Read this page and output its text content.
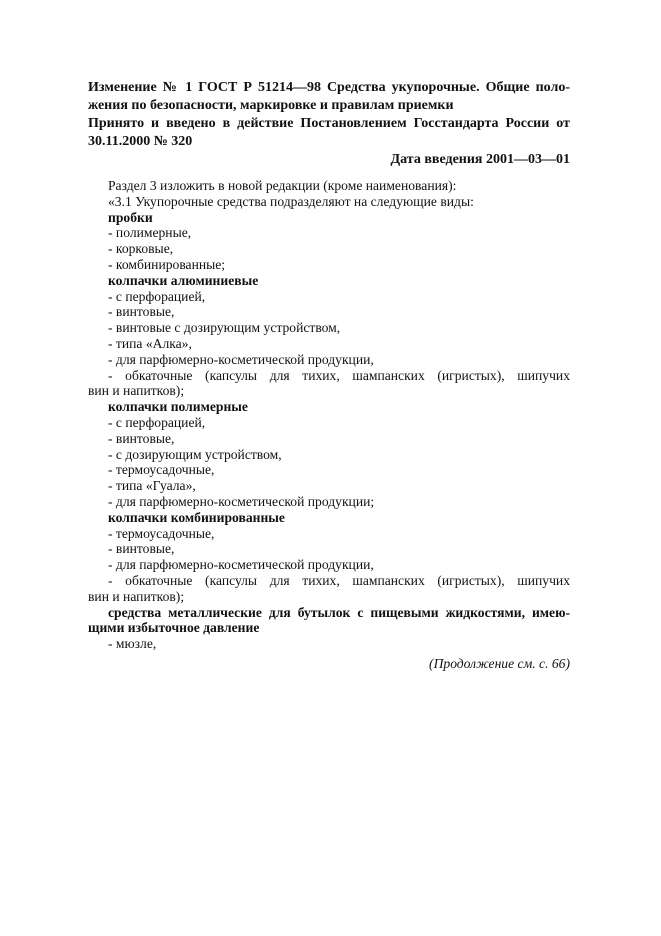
Изменение № 1 ГОСТ Р 51214—98 Средства укупорочные. Общие поло-
жения по безопасности, маркировке и правилам приемки
Принято и введено в действие Постановлением Госстандарта России от
30.11.2000 № 320
Дата введения 2001—03—01
Раздел 3 изложить в новой редакции (кроме наименования):
«3.1 Укупорочные средства подразделяют на следующие виды:
пробки
- полимерные,
- корковые,
- комбинированные;
колпачки алюминиевые
- с перфорацией,
- винтовые,
- винтовые с дозирующим устройством,
- типа «Алка»,
- для парфюмерно-косметической продукции,
- обкаточные (капсулы для тихих, шампанских (игристых), шипучих
вин и напитков);
колпачки полимерные
- с перфорацией,
- винтовые,
- с дозирующим устройством,
- термоусадочные,
- типа «Гуала»,
- для парфюмерно-косметической продукции;
колпачки комбинированные
- термоусадочные,
- винтовые,
- для парфюмерно-косметической продукции,
- обкаточные (капсулы для тихих, шампанских (игристых), шипучих
вин и напитков);
средства металлические для бутылок с пищевыми жидкостями, имею-
щими избыточное давление
- мюзле,
(Продолжение см. с. 66)
